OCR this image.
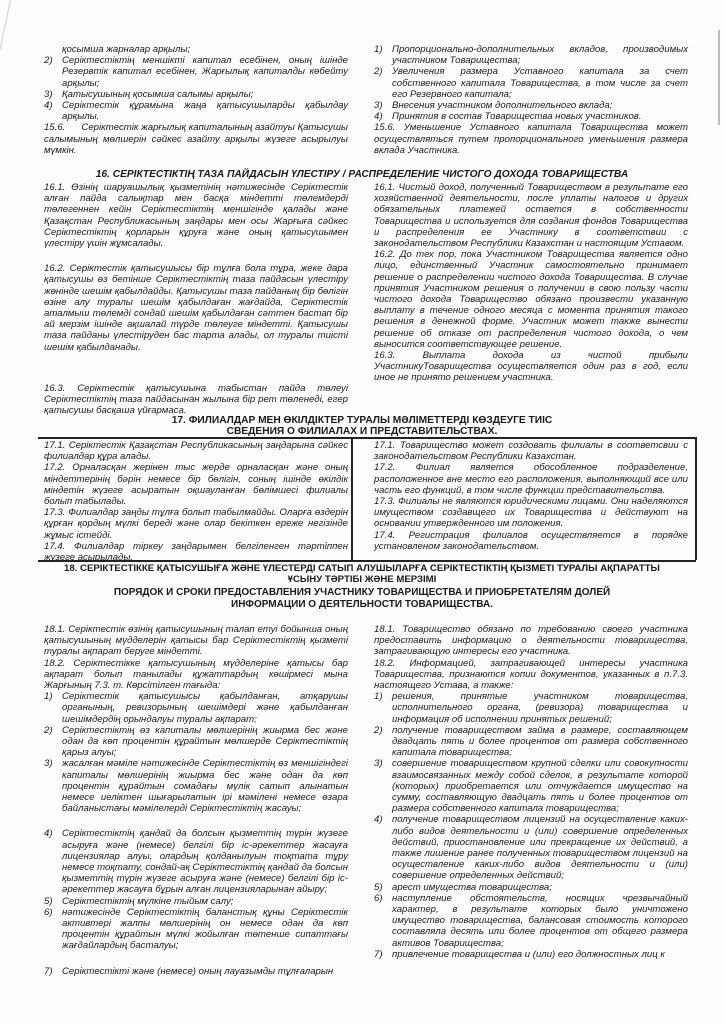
қосымша жарналар арқылы;

2) Серіктестіктің меншікті капитал есебінен, оның ішінде Резервтік капитал есебінен, Жарғылық капиталды көбейту арқылы;
3) Қатысушының қосымша салымы арқылы;
4) Серіктестік құрамына жаңа қатысушыларды қабылдау арқылы.

15.6.      Серіктестік жарғылық капиталының азайтуы Қатысушы салымының мөлшерін сәйкес азайту арқылы жүзеге асырылуы мүмкін.

1) Пропорционально-дополнительных вкладов, производимых участником Товарищества;
2) Увеличения размера Уставного капитала за счет собственного капитала Товарищества, в том числе за счет его Резервного капитала;
3) Внесения участником дополнительного вклада;
4) Принятия в состав Товарищества новых участников.

15.6. Уменьшение Уставного капитала Товарищества может осуществляться путем пропорционального уменьшения размера вклада Участника.

16. СЕРІКТЕСТІКТІҢ ТАЗА ПАЙДАСЫН ҮЛЕСТІРУ / РАСПРЕДЕЛЕНИЕ ЧИСТОГО ДОХОДА ТОВАРИЩЕСТВА

16.1. Өзінің шаруашылық қызметінің нәтижесінде Серіктестік алған пайда салықтар мен басқа міндетті төлемдерді төлегеннен кейін Серіктестіктің меншігінде қалады және Қазақстан Республикасының заңдары мен осы Жарғыға сәйкес Серіктестіктің қорларын құруға және оның қатысушымен үлестіру үшін жұмсалады.

16.2. Серіктестік қатысушысы бір тұлға бола тұра, жеке дара қатысушы өз бетінше Серіктестіктің таза пайдасын үлестіру жөнінде шешім қабылдайды. Қатысушы таза пайданың бір бөлігін өзіне алу туралы шешім қабылдаған жағдайда, Серіктестік аталмыш төлемді сондай шешім қабылдаған сәттен бастап бір ай мерзім ішінде ақшалай түрде төлеуге міндетті. Қатысушы таза пайданы үлестіруден бас тарта алады, ол туралы тиісті шешім қабылданады.

16.3. Серіктестік қатысушына табыстан пайда төлеуі Серіктестіктің таза пайдасынан жылына бір рет төленеді, егер қатысушы басқаша үйғармаса.

16.1. Чистый доход, полученный Товариществом в результате его хозяйственной деятельности, после уплаты налогов и других обязательных платежей остается в собственности Товарищества и используется для создания фондов Товарищества и распределения ее Участнику в соответствии с законодательством Республики Казахстан и настоящим Уставом.

16.2. До тех пор, пока Участником Товарищества является одно лицо, единственный Участник самостоятельно принимает решение о распределении чистого дохода Товарищества. В случае принятия Участником решения о получении в свою пользу части чистого дохода Товарищество обязано произвести указанную выплату в течение одного месяца с момента принятия такого решения в денежной форме. Участник может также вынести решение об отказе от распределения чистого дохода, о чем выносится соответствующее решение.

16.3.         Выплата         дохода         из         чистой         прибыли УчастникуТоварищества осуществляется один раз в год, если иное не принято решением участника.

17. ФИЛИАЛДАР МЕН ӨКІЛДІКТЕР ТУРАЛЫ МӘЛІМЕТТЕРДІ КӨЗДЕУГЕ ТИІС
СВЕДЕНИЯ О ФИЛИАЛАХ И ПРЕДСТАВИТЕЛЬСТВАХ.

17.1. Серіктестік Қазақстан Республикасының заңдарына сәйкес филиалдар құра алады.

17.2. Орналасқан жерінен тыс жерде орналасқан және оның міндеттерінің бәрін немесе бір бөлігін, соның ішінде өкілдік міндетін жүзеге асыратын оқшауланған бөлімшесі филиалы болып табылады.

17.3. Филиалдар заңды тұлға болып табылмайды. Оларға өздерін құрған қордың мүлкі береді және олар бекіткен ереже негізінде жұмыс істейді.

17.4. Филиалдар тіркеу заңдарымен белгіленген тәртіппен жүзеге асырылады.

17.1. Товарищество может создовать филиалы в соответсвии с законодательством Республики Казахстан.

17.2. Филиал является обособленное подразделение, расположенное вне место его расположения, выполняющий все или часть его функций, в том числе функции представительства.

17.3. Филиалы не являются юридическими лицами. Они наделяются имуществом создавщего их Товарищества и действуют на основании утвержденного им положения.

17.4. Регистрация филиалов осуществляется в порядке установленом законодательством.

18. СЕРІКТЕСТІККЕ ҚАТЫСУШЫҒА ЖӘНЕ ҮЛЕСТЕРДІ САТЫП АЛУШЫЛАРҒА СЕРІКТЕСТІКТІҢ ҚЫЗМЕТІ ТУРАЛЫ АҚПАРАТТЫ ҰСЫНУ ТӘРТІБІ ЖӘНЕ МЕРЗІМІ
ПОРЯДОК И СРОКИ ПРЕДОСТАВЛЕНИЯ УЧАСТНИКУ ТОВАРИЩЕСТВА И ПРИОБРЕТАТЕЛЯМ ДОЛЕЙ ИНФОРМАЦИИ О ДЕЯТЕЛЬНОСТИ ТОВАРИЩЕСТВА.

18.1. Серіктестік өзінің қатысушының талап етуі бойынша оның қатысушының мүдделерін қатысы бар Серіктестіктің қызметі туралы ақпарат беруге міндетті.

18.2. Серіктестікке қатысушының мүдделеріне қатысы бар ақпарат болып танылады құжаттардың көшірмесі мына Жарғының 7.3. т. Көрсітілген тағыда:

1) Серіктестік қатысушысы қабылданған, атқарушы органының, ревизорының шешімдері және қабылданған шешімдердің орындалуы туралы ақпарат;
2) Серіктестіктің өз капиталы мөлшерінің жиырма бес және одан да көп процентін құрайтын мөлшерде Серіктестіктің қарыз алуы;
3) жасалған мәміле нәтижесінде Серіктестіктің өз меншігіндегі капиталы мөлшерінің жиырма бес және одан да көп процентін құрайтын сомадағы мүлік сатып алынатын немесе иеліктен шығарылатын ірі мәмілені немесе өзара байланыстағы мәмілелерді Серіктестіктің жасауы;
4) Серіктестіктің қандай да болсын қызметтің түрін жүзеге асыруға және (немесе) белгілі бір іс-әрекеттер жасауға лицензиялар алуы, олардың қолданылуын тоқтата тұру немесе тоқтату, сондай-ақ Серіктестіктің қандай да болсын қызметтің түрін жүзеге асыруға және (немесе) белгілі бір іс-әрекеттер жасауға бұрын алған лицензияларынан айыру;
5) Серіктестіктің мүлкіне тыйым салу;
6) нәтижесінде Серіктестіктің баланстық құны Серіктестік активтері жалпы мөлшерінің он немесе одан да көп процентін құрайтын мүлкі жойылған төтенше сипаттағы жағдайлардың басталуы;
7) Серіктестікті және (немесе) оның лауазымды тұлғаларын

18.1. Товарищество обязано по требованию своего участника предоставить информацию о деятельности товарищества, затрагивающую интересы его участника.

18.2. Информацией, затрагивающей интересы участника Товарищества, признаются копии документов, указанных в п.7.3. настоящего Устава, а также:

1) решения, принятые участником товарищества, исполнительного органа, (ревизора) товарищества и информация об исполнении принятых решений;
2) получение товариществом займа в размере, составляющем двадцать пять и более процентов от размера собственного капитала товарищества;
3) совершение товариществом крупной сделки или совокупности взаимосвязанных между собой сделок, в результате которой (которых) приобретается или отчуждается имущество на сумму, составляющую двадцать пять и более процентов от размера собственного капитала товарищества;
4) получение товариществом лицензий на осуществление каких-либо видов деятельности и (или) совершение определенных действий, приостановление или прекращение их действий, а также лишение ранее полученных товариществом лицензий на осуществление каких-либо видов деятельности и (или) совершение определенных действий;
5) арест имущества товарищества;
6) наступление обстоятельств, носящих чрезвычайный характер, в результате которых было уничтожено имущество товарищества, балансовая стоимость которого составляла десять или более процентов от общего размера активов Товарищества;
7) привлечение товарищества и (или) его должностных лиц к
